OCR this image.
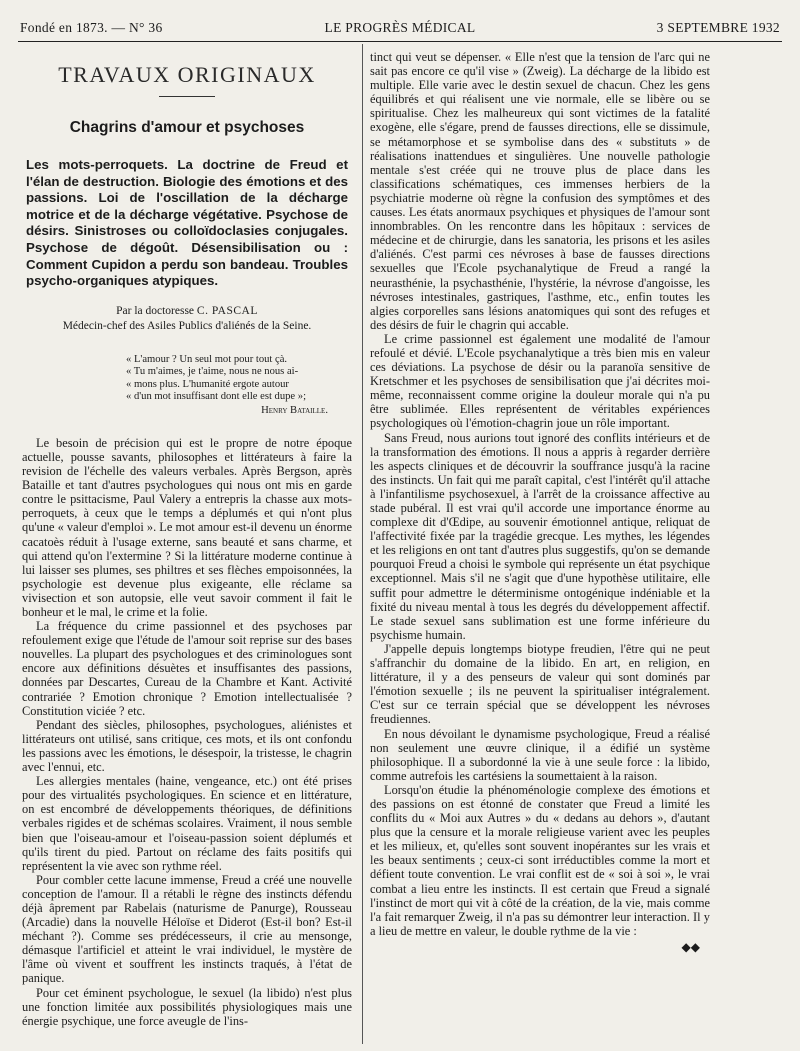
Fondé en 1873. — N° 36	LE PROGRÈS MÉDICAL	3 SEPTEMBRE 1932
TRAVAUX ORIGINAUX
Chagrins d'amour et psychoses

Les mots-perroquets. La doctrine de Freud et l'élan de destruction. Biologie des émotions et des passions. Loi de l'oscillation de la décharge motrice et de la décharge végétative. Psychose de désirs. Sinistroses ou colloïdoclasies conjugales. Psychose de dégoût. Désensibilisation ou : Comment Cupidon a perdu son bandeau. Troubles psycho-organiques atypiques.

Par la doctoresse C. PASCAL

Médecin-chef des Asiles Publics d'aliénés de la Seine.

« L'amour ? Un seul mot pour tout çà.
« Tu m'aimes, je t'aime, nous ne nous ai-
« mons plus. L'humanité ergote autour
« d'un mot insuffisant dont elle est dupe »;
Henry Bataille.

Le besoin de précision qui est le propre de notre époque actuelle, pousse savants, philosophes et littérateurs à faire la revision de l'échelle des valeurs verbales. Après Bergson, après Bataille et tant d'autres psychologues qui nous ont mis en garde contre le psittacisme, Paul Valery a entrepris la chasse aux mots-perroquets, à ceux que le temps a déplumés et qui n'ont plus qu'une « valeur d'emploi ». Le mot amour est-il devenu un énorme cacatoès réduit à l'usage externe, sans beauté et sans charme, et qui attend qu'on l'extermine ? Si la littérature moderne continue à lui laisser ses plumes, ses philtres et ses flèches empoisonnées, la psychologie est devenue plus exigeante, elle réclame sa vivisection et son autopsie, elle veut savoir comment il fait le bonheur et le mal, le crime et la folie.

La fréquence du crime passionnel et des psychoses par refoulement exige que l'étude de l'amour soit reprise sur des bases nouvelles. La plupart des psychologues et des criminologues sont encore aux définitions désuètes et insuffisantes des passions, données par Descartes, Cureau de la Chambre et Kant. Activité contrariée ? Emotion chronique ? Emotion intellectualisée ? Constitution viciée ? etc.

Pendant des siècles, philosophes, psychologues, aliénistes et littérateurs ont utilisé, sans critique, ces mots, et ils ont confondu les passions avec les émotions, le désespoir, la tristesse, le chagrin avec l'ennui, etc.

Les allergies mentales (haine, vengeance, etc.) ont été prises pour des virtualités psychologiques. En science et en littérature, on est encombré de développements théoriques, de définitions verbales rigides et de schémas scolaires. Vraiment, il nous semble bien que l'oiseau-amour et l'oiseau-passion soient déplumés et qu'ils tirent du pied. Partout on réclame des faits positifs qui représentent la vie avec son rythme réel.

Pour combler cette lacune immense, Freud a créé une nouvelle conception de l'amour. Il a rétabli le règne des instincts défendu déjà âprement par Rabelais (naturisme de Panurge), Rousseau (Arcadie) dans la nouvelle Héloïse et Diderot (Est-il bon? Est-il méchant ?). Comme ses prédécesseurs, il crie au mensonge, démasque l'artificiel et atteint le vrai individuel, le mystère de l'âme où vivent et souffrent les instincts traqués, à l'état de panique.

Pour cet éminent psychologue, le sexuel (la libido) n'est plus une fonction limitée aux possibilités physiologiques mais une énergie psychique, une force aveugle de l'ins-

tinct qui veut se dépenser. « Elle n'est que la tension de l'arc qui ne sait pas encore ce qu'il vise » (Zweig). La décharge de la libido est multiple. Elle varie avec le destin sexuel de chacun. Chez les gens équilibrés et qui réalisent une vie normale, elle se libère ou se spiritualise. Chez les malheureux qui sont victimes de la fatalité exogène, elle s'égare, prend de fausses directions, elle se dissimule, se métamorphose et se symbolise dans des « substituts » de réalisations inattendues et singulières. Une nouvelle pathologie mentale s'est créée qui ne trouve plus de place dans les classifications schématiques, ces immenses herbiers de la psychiatrie moderne où règne la confusion des symptômes et des causes. Les états anormaux psychiques et physiques de l'amour sont innombrables. On les rencontre dans les hôpitaux : services de médecine et de chirurgie, dans les sanatoria, les prisons et les asiles d'aliénés. C'est parmi ces névroses à base de fausses directions sexuelles que l'Ecole psychanalytique de Freud a rangé la neurasthénie, la psychasthénie, l'hystérie, la névrose d'angoisse, les névroses intestinales, gastriques, l'asthme, etc., enfin toutes les algies corporelles sans lésions anatomiques qui sont des refuges et des désirs de fuir le chagrin qui accable.

Le crime passionnel est également une modalité de l'amour refoulé et dévié. L'Ecole psychanalytique a très bien mis en valeur ces déviations. La psychose de désir ou la paranoïa sensitive de Kretschmer et les psychoses de sensibilisation que j'ai décrites moi-même, reconnaissent comme origine la douleur morale qui n'a pu être sublimée. Elles représentent de véritables expériences psychologiques où l'émotion-chagrin joue un rôle important.

Sans Freud, nous aurions tout ignoré des conflits intérieurs et de la transformation des émotions. Il nous a appris à regarder derrière les aspects cliniques et de découvrir la souffrance jusqu'à la racine des instincts. Un fait qui me paraît capital, c'est l'intérêt qu'il attache à l'infantilisme psychosexuel, à l'arrêt de la croissance affective au stade pubéral. Il est vrai qu'il accorde une importance énorme au complexe dit d'Œdipe, au souvenir émotionnel antique, reliquat de l'affectivité fixée par la tragédie grecque. Les mythes, les légendes et les religions en ont tant d'autres plus suggestifs, qu'on se demande pourquoi Freud a choisi le symbole qui représente un état psychique exceptionnel. Mais s'il ne s'agit que d'une hypothèse utilitaire, elle suffit pour admettre le déterminisme ontogénique indéniable et la fixité du niveau mental à tous les degrés du développement affectif. Le stade sexuel sans sublimation est une forme inférieure du psychisme humain.

J'appelle depuis longtemps biotype freudien, l'être qui ne peut s'affranchir du domaine de la libido. En art, en religion, en littérature, il y a des penseurs de valeur qui sont dominés par l'émotion sexuelle ; ils ne peuvent la spiritualiser intégralement. C'est sur ce terrain spécial que se développent les névroses freudiennes.

En nous dévoilant le dynamisme psychologique, Freud a réalisé non seulement une œuvre clinique, il a édifié un système philosophique. Il a subordonné la vie à une seule force : la libido, comme autrefois les cartésiens la soumettaient à la raison.

Lorsqu'on étudie la phénoménologie complexe des émotions et des passions on est étonné de constater que Freud a limité les conflits du « Moi aux Autres » du « dedans au dehors », d'autant plus que la censure et la morale religieuse varient avec les peuples et les milieux, et, qu'elles sont souvent inopérantes sur les vrais et les beaux sentiments ; ceux-ci sont irréductibles comme la mort et défient toute convention. Le vrai conflit est de « soi à soi », le vrai combat a lieu entre les instincts. Il est certain que Freud a signalé l'instinct de mort qui vit à côté de la création, de la vie, mais comme l'a fait remarquer Zweig, il n'a pas su démontrer leur interaction. Il y a lieu de mettre en valeur, le double rythme de la vie :

◆◆
